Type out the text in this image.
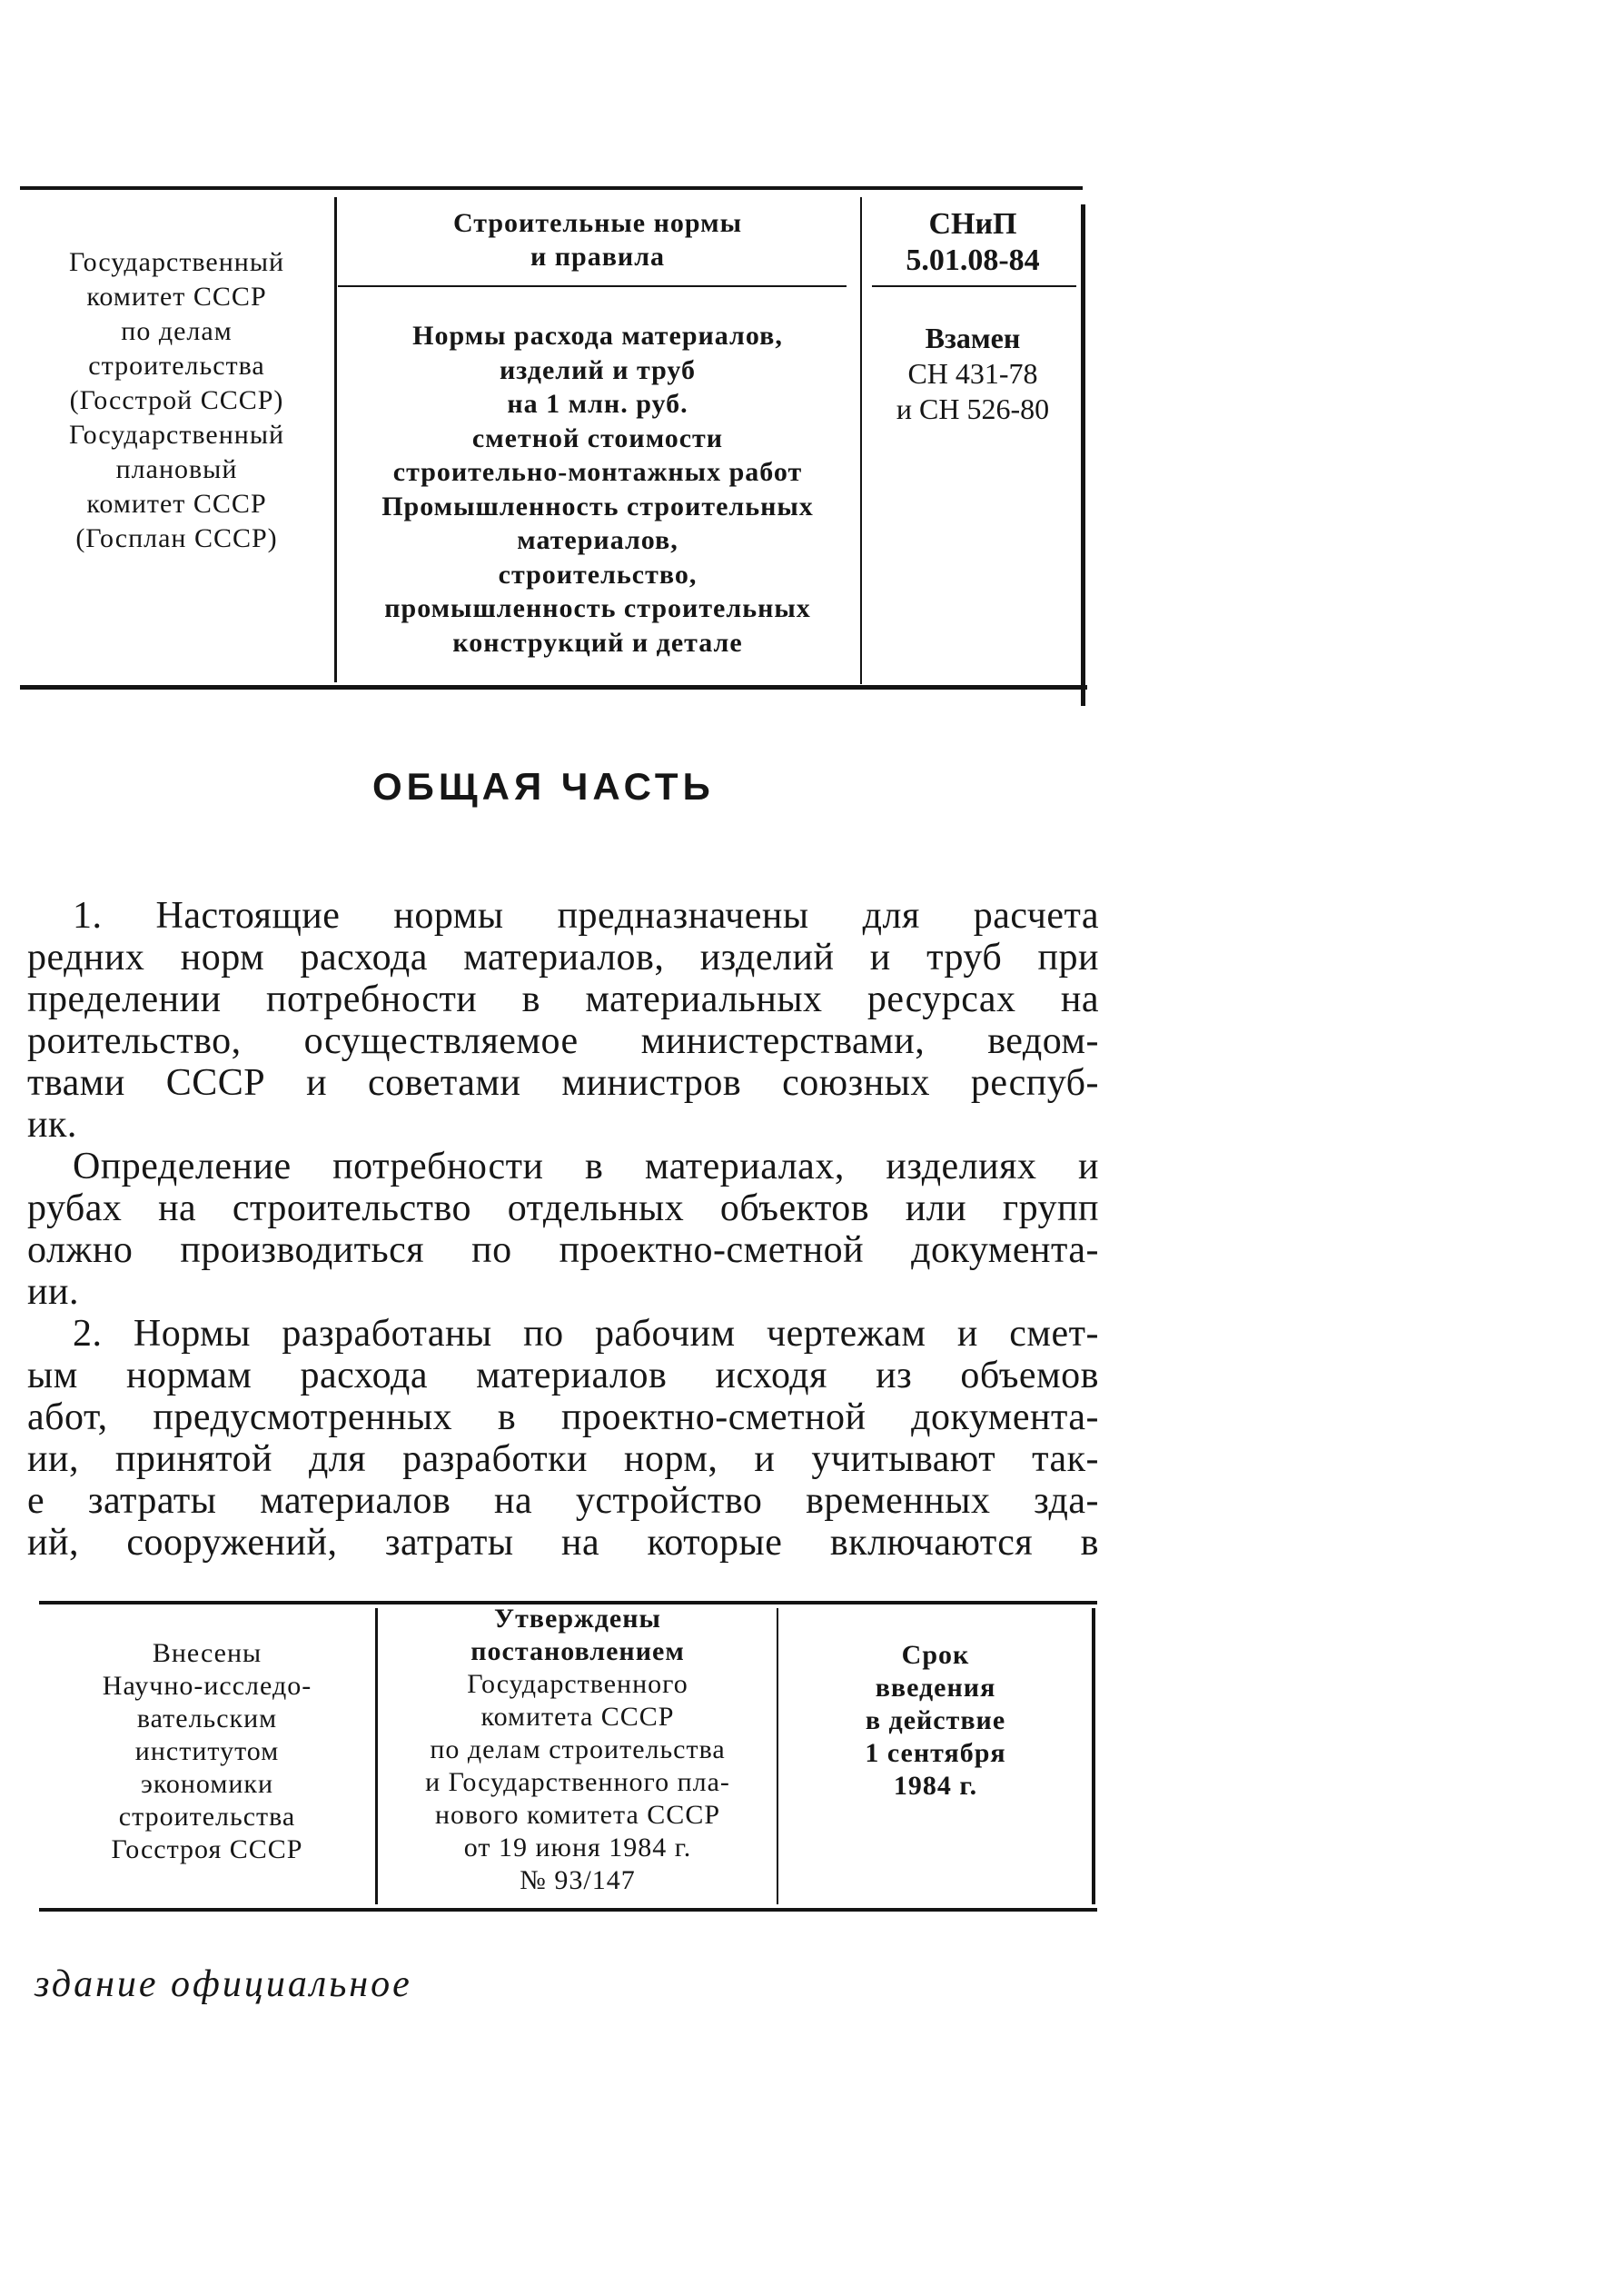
Государственный
комитет СССР
по делам
строительства
(Госстрой СССР)
Государственный
плановый
комитет СССР
(Госплан СССР)
Строительные нормы
и правила
Нормы расхода материалов,
изделий и труб
на 1 млн. руб.
сметной стоимости
строительно-монтажных работ
Промышленность строительных
материалов,
строительство,
промышленность строительных
конструкций и детале
СНиП
5.01.08-84
Взамен
СН 431-78
и СН 526-80
ОБЩАЯ ЧАСТЬ
1. Настоящие нормы предназначены для расчета
редних норм расхода материалов, изделий и труб при
пределении потребности в материальных ресурсах на
роительство, осуществляемое министерствами, ведом-
твами СССР и советами министров союзных респуб-
ик.
Определение потребности в материалах, изделиях и
рубах на строительство отдельных объектов или групп
олжно производиться по проектно-сметной документа-
ии.
2. Нормы разработаны по рабочим чертежам и смет-
ым нормам расхода материалов исходя из объемов
абот, предусмотренных в проектно-сметной документа-
ии, принятой для разработки норм, и учитывают так-
е затраты материалов на устройство временных зда-
ий, сооружений, затраты на которые включаются в
Внесены
Научно-исследо-
вательским
институтом
экономики
строительства
Госстроя СССР
Утверждены
постановлением
Государственного
комитета СССР
по делам строительства
и Государственного пла-
нового комитета СССР
от 19 июня 1984 г.
№ 93/147
Срок
введения
в действие
1 сентября
1984 г.
здание официальное
